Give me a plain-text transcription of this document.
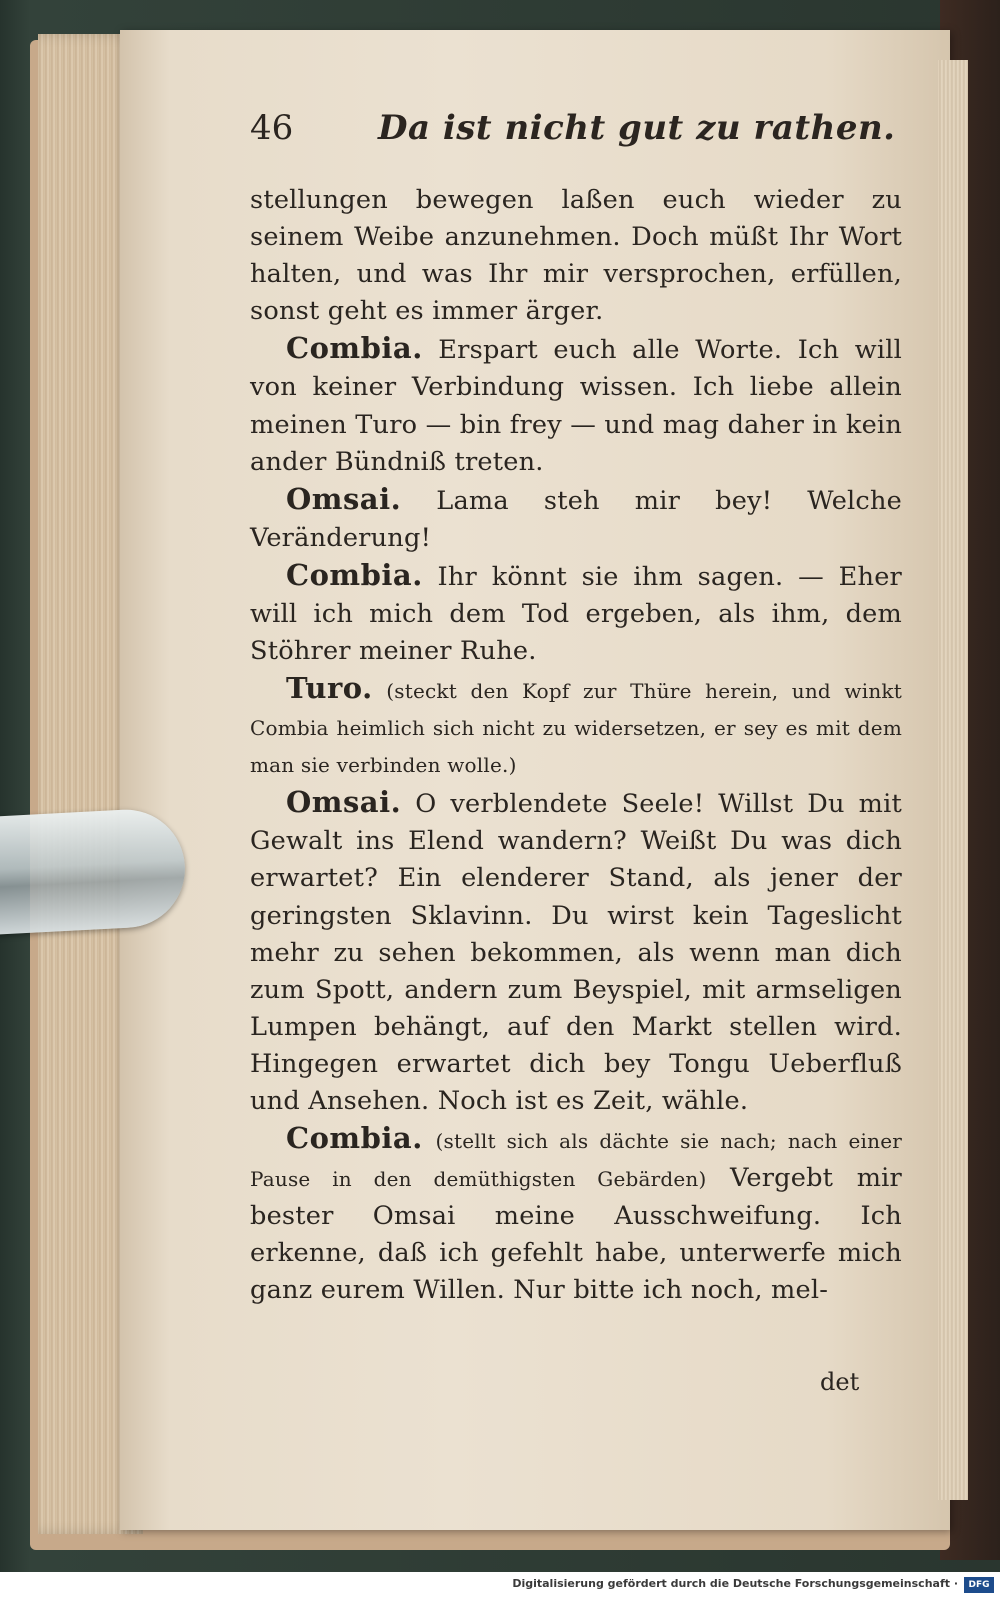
46 Da ist nicht gut zu rathen.

stellungen bewegen laßen euch wieder zu seinem Weibe anzunehmen. Doch müßt Ihr Wort halten, und was Ihr mir versprochen, erfüllen, sonst geht es immer ärger.

Combia. Erspart euch alle Worte. Ich will von keiner Verbindung wissen. Ich liebe allein meinen Turo — bin frey — und mag daher in kein ander Bündniß treten.

Omsai. Lama steh mir bey! Welche Veränderung!

Combia. Ihr könnt sie ihm sagen. — Eher will ich mich dem Tod ergeben, als ihm, dem Stöhrer meiner Ruhe.

Turo. (steckt den Kopf zur Thüre herein, und winkt Combia heimlich sich nicht zu widersetzen, er sey es mit dem man sie verbinden wolle.)

Omsai. O verblendete Seele! Willst Du mit Gewalt ins Elend wandern? Weißt Du was dich erwartet? Ein elenderer Stand, als jener der geringsten Sklavinn. Du wirst kein Tageslicht mehr zu sehen bekommen, als wenn man dich zum Spott, andern zum Beyspiel, mit armseligen Lumpen behängt, auf den Markt stellen wird. Hingegen erwartet dich bey Tongu Ueberfluß und Ansehen. Noch ist es Zeit, wähle.

Combia. (stellt sich als dächte sie nach; nach einer Pause in den demüthigsten Gebärden) Vergebt mir bester Omsai meine Ausschweifung. Ich erkenne, daß ich gefehlt habe, unterwerfe mich ganz eurem Willen. Nur bitte ich noch, mel-

det
Digitalisierung gefördert durch die Deutsche Forschungsgemeinschaft ·	DFG
